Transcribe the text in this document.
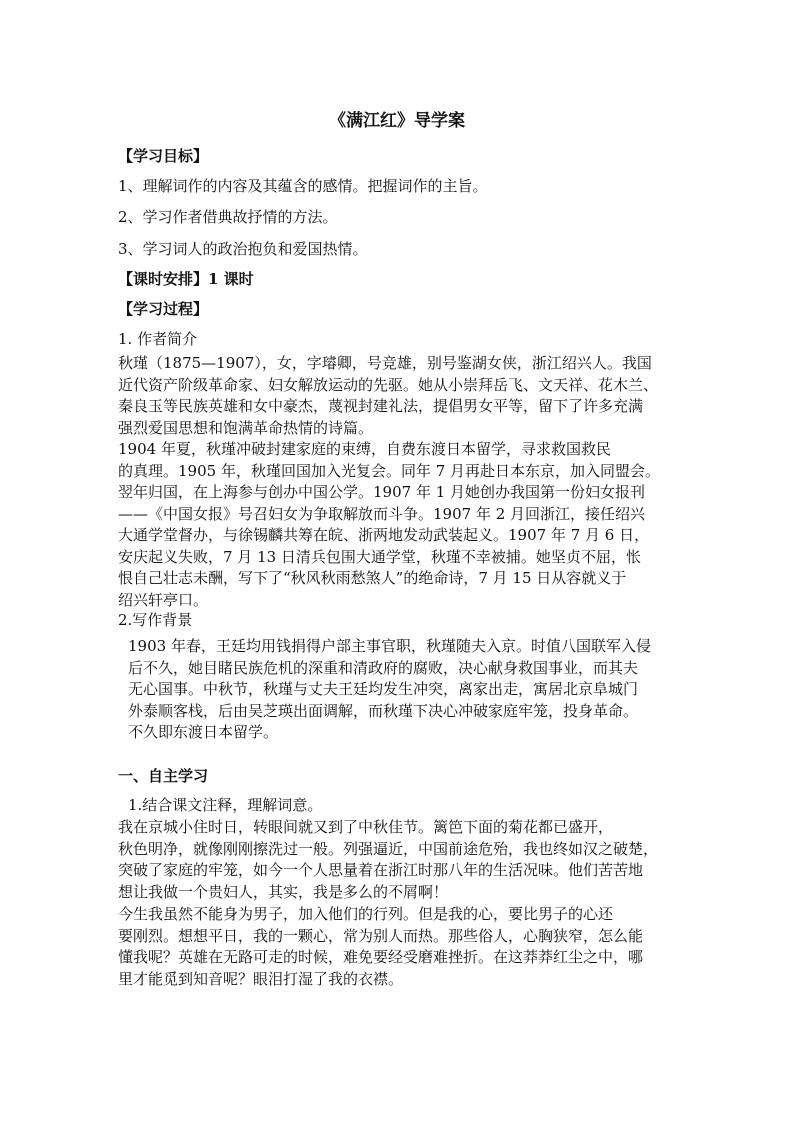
《满江红》导学案
【学习目标】
1、理解词作的内容及其蕴含的感情。把握词作的主旨。
2、学习作者借典故抒情的方法。
3、学习词人的政治抱负和爱国热情。
【课时安排】1 课时
【学习过程】
1. 作者简介
秋瑾（1875—1907），女，字璿卿，号竞雄，别号鉴湖女侠，浙江绍兴人。我国
近代资产阶级革命家、妇女解放运动的先驱。她从小崇拜岳飞、文天祥、花木兰、
秦良玉等民族英雄和女中豪杰，蔑视封建礼法，提倡男女平等，留下了许多充满
强烈爱国思想和饱满革命热情的诗篇。
1904 年夏，秋瑾冲破封建家庭的束缚，自费东渡日本留学，寻求救国救民
的真理。1905 年，秋瑾回国加入光复会。同年 7 月再赴日本东京，加入同盟会。
翌年归国，在上海参与创办中国公学。1907 年 1 月她创办我国第一份妇女报刊
——《中国女报》号召妇女为争取解放而斗争。1907 年 2 月回浙江，接任绍兴
大通学堂督办，与徐锡麟共筹在皖、浙两地发动武装起义。1907 年 7 月 6 日，
安庆起义失败，7 月 13 日清兵包围大通学堂，秋瑾不幸被捕。她坚贞不屈，怅
恨自己壮志未酬，写下了“秋风秋雨愁煞人”的绝命诗，7 月 15 日从容就义于
绍兴轩亭口。
2.写作背景
1903 年春，王廷均用钱捐得户部主事官职，秋瑾随夫入京。时值八国联军入侵
后不久，她目睹民族危机的深重和清政府的腐败，决心献身救国事业，而其夫
无心国事。中秋节，秋瑾与丈夫王廷均发生冲突，离家出走，寓居北京阜城门
外泰顺客栈，后由吴芝瑛出面调解，而秋瑾下决心冲破家庭牢笼，投身革命。
不久即东渡日本留学。
一、自主学习
1.结合课文注释，理解词意。
我在京城小住时日，转眼间就又到了中秋佳节。篱笆下面的菊花都已盛开，
秋色明净，就像刚刚擦洗过一般。列强逼近，中国前途危殆，我也终如汉之破楚，
突破了家庭的牢笼，如今一个人思量着在浙江时那八年的生活况味。他们苦苦地
想让我做一个贵妇人，其实，我是多么的不屑啊！
今生我虽然不能身为男子，加入他们的行列。但是我的心，要比男子的心还
要刚烈。想想平日，我的一颗心，常为别人而热。那些俗人，心胸狭窄，怎么能
懂我呢？英雄在无路可走的时候，难免要经受磨难挫折。在这莽莽红尘之中，哪
里才能觅到知音呢？眼泪打湿了我的衣襟。
